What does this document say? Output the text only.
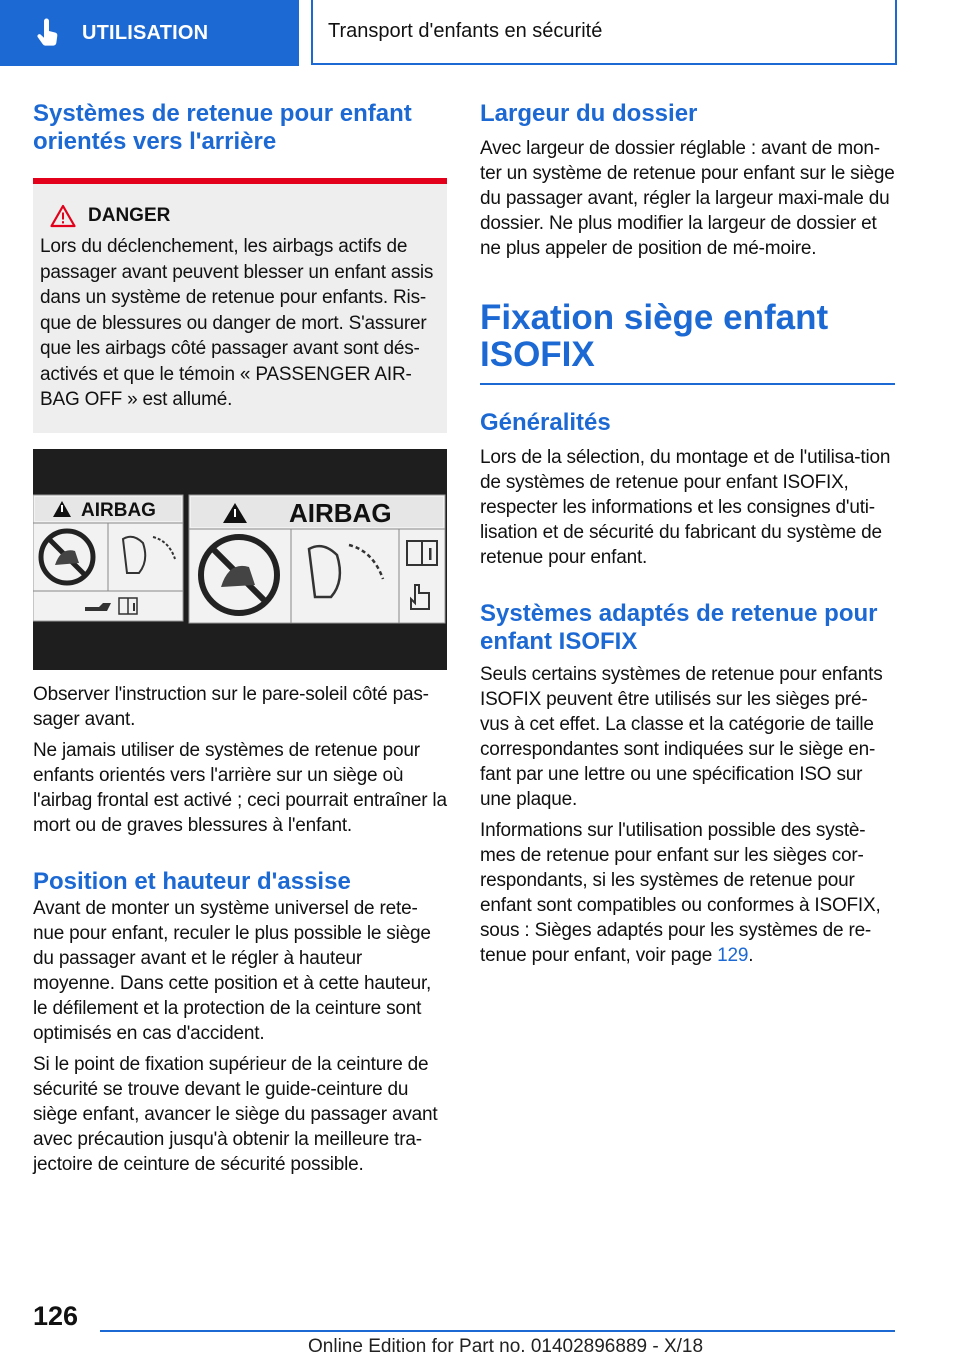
UTILISATION	Transport d'enfants en sécurité
Systèmes de retenue pour enfant orientés vers l'arrière
DANGER

Lors du déclenchement, les airbags actifs de passager avant peuvent blesser un enfant assis dans un système de retenue pour enfants. Ris-que de blessures ou danger de mort. S'assurer que les airbags côté passager avant sont dés-activés et que le témoin « PASSENGER AIR-BAG OFF » est allumé.

AIRBAG	AIRBAG

Observer l'instruction sur le pare-soleil côté pas-sager avant.

Ne jamais utiliser de systèmes de retenue pour enfants orientés vers l'arrière sur un siège où l'airbag frontal est activé ; ceci pourrait entraîner la mort ou de graves blessures à l'enfant.

Position et hauteur d'assise

Avant de monter un système universel de rete-nue pour enfant, reculer le plus possible le siège du passager avant et le régler à hauteur moyenne. Dans cette position et à cette hauteur, le défilement et la protection de la ceinture sont optimisés en cas d'accident.

Si le point de fixation supérieur de la ceinture de sécurité se trouve devant le guide-ceinture du siège enfant, avancer le siège du passager avant avec précaution jusqu'à obtenir la meilleure tra-jectoire de ceinture de sécurité possible.

Largeur du dossier

Avec largeur de dossier réglable : avant de mon-ter un système de retenue pour enfant sur le siège du passager avant, régler la largeur maxi-male du dossier. Ne plus modifier la largeur de dossier et ne plus appeler de position de mé-moire.

Fixation siège enfant ISOFIX
Généralités

Lors de la sélection, du montage et de l'utilisa-tion de systèmes de retenue pour enfant ISOFIX, respecter les informations et les consignes d'uti-lisation et de sécurité du fabricant du système de retenue pour enfant.

Systèmes adaptés de retenue pour enfant ISOFIX

Seuls certains systèmes de retenue pour enfants ISOFIX peuvent être utilisés sur les sièges pré-vus à cet effet. La classe et la catégorie de taille correspondantes sont indiquées sur le siège en-fant par une lettre ou une spécification ISO sur une plaque.

Informations sur l'utilisation possible des systè-mes de retenue pour enfant sur les sièges cor-respondants, si les systèmes de retenue pour enfant sont compatibles ou conformes à ISOFIX, sous : Sièges adaptés pour les systèmes de re-tenue pour enfant, voir page 129.

126
Online Edition for Part no. 01402896889 - X/18
